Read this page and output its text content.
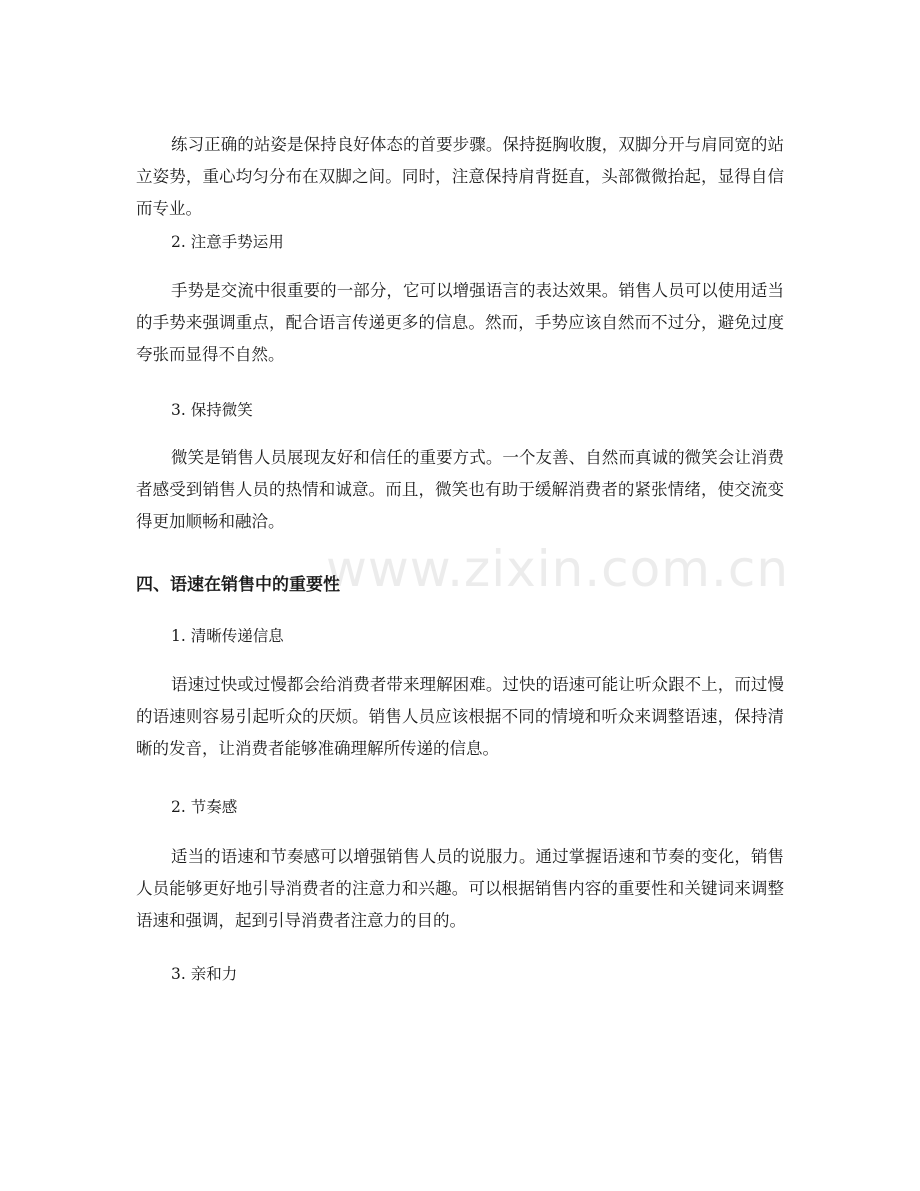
www.zixin.com.cn

练习正确的站姿是保持良好体态的首要步骤。保持挺胸收腹，双脚分开与肩同宽的站立姿势，重心均匀分布在双脚之间。同时，注意保持肩背挺直，头部微微抬起，显得自信而专业。

2. 注意手势运用

手势是交流中很重要的一部分，它可以增强语言的表达效果。销售人员可以使用适当的手势来强调重点，配合语言传递更多的信息。然而，手势应该自然而不过分，避免过度夸张而显得不自然。

3. 保持微笑

微笑是销售人员展现友好和信任的重要方式。一个友善、自然而真诚的微笑会让消费者感受到销售人员的热情和诚意。而且，微笑也有助于缓解消费者的紧张情绪，使交流变得更加顺畅和融洽。

四、语速在销售中的重要性

1. 清晰传递信息

语速过快或过慢都会给消费者带来理解困难。过快的语速可能让听众跟不上，而过慢的语速则容易引起听众的厌烦。销售人员应该根据不同的情境和听众来调整语速，保持清晰的发音，让消费者能够准确理解所传递的信息。

2. 节奏感

适当的语速和节奏感可以增强销售人员的说服力。通过掌握语速和节奏的变化，销售人员能够更好地引导消费者的注意力和兴趣。可以根据销售内容的重要性和关键词来调整语速和强调，起到引导消费者注意力的目的。

3. 亲和力
